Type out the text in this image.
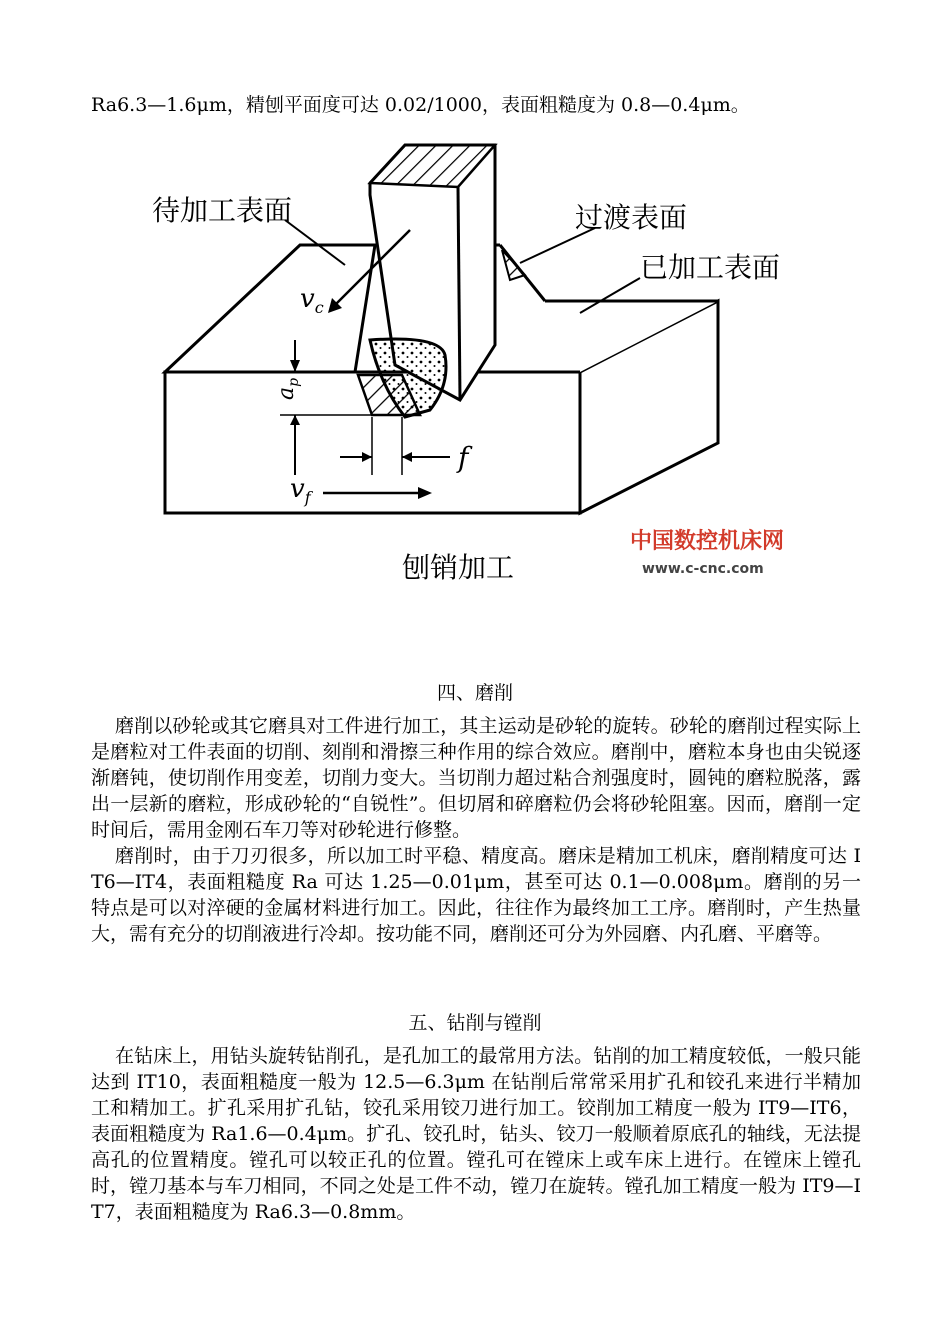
Ra6.3—1.6μm，精刨平面度可达 0.02/1000，表面粗糙度为 0.8—0.4μm。
$v_c$
$a_p$
f
$v_f$
待加工表面	过渡表面
已加工表面
刨销加工
中国数控机床网
www.c-cnc.com
四、磨削

磨削以砂轮或其它磨具对工件进行加工，其主运动是砂轮的旋转。砂轮的磨削过程实际上是磨粒对工件表面的切削、刻削和滑擦三种作用的综合效应。磨削中，磨粒本身也由尖锐逐渐磨钝，使切削作用变差，切削力变大。当切削力超过粘合剂强度时，圆钝的磨粒脱落，露出一层新的磨粒，形成砂轮的“自锐性”。但切屑和碎磨粒仍会将砂轮阻塞。因而，磨削一定时间后，需用金刚石车刀等对砂轮进行修整。

磨削时，由于刀刃很多，所以加工时平稳、精度高。磨床是精加工机床，磨削精度可达 IT6—IT4，表面粗糙度 Ra 可达 1.25—0.01μm，甚至可达 0.1—0.008μm。磨削的另一特点是可以对淬硬的金属材料进行加工。因此，往往作为最终加工工序。磨削时，产生热量大，需有充分的切削液进行冷却。按功能不同，磨削还可分为外园磨、内孔磨、平磨等。

五、钻削与镗削

在钻床上，用钻头旋转钻削孔，是孔加工的最常用方法。钻削的加工精度较低，一般只能达到 IT10，表面粗糙度一般为 12.5—6.3μm 在钻削后常常采用扩孔和铰孔来进行半精加工和精加工。扩孔采用扩孔钻，铰孔采用铰刀进行加工。铰削加工精度一般为 IT9—IT6，表面粗糙度为 Ra1.6—0.4μm。扩孔、铰孔时，钻头、铰刀一般顺着原底孔的轴线，无法提高孔的位置精度。镗孔可以较正孔的位置。镗孔可在镗床上或车床上进行。在镗床上镗孔时，镗刀基本与车刀相同，不同之处是工件不动，镗刀在旋转。镗孔加工精度一般为 IT9—IT7，表面粗糙度为 Ra6.3—0.8mm。
